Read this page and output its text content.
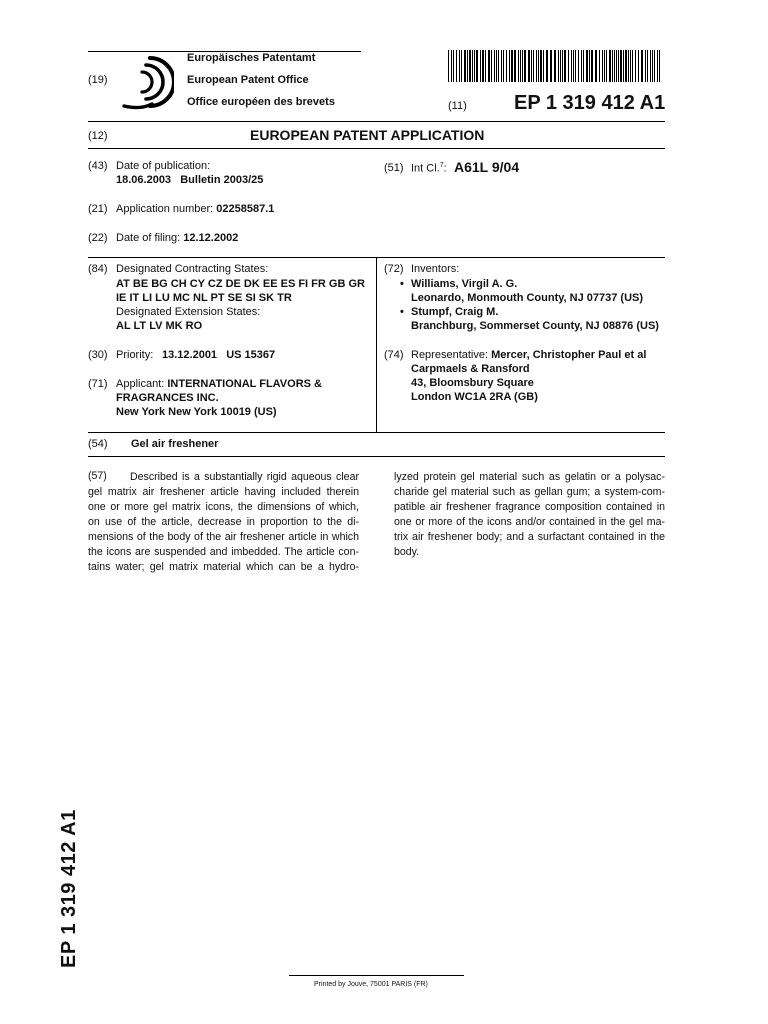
(19)
Europäisches Patentamt
European Patent Office
Office européen des brevets	(11) EP 1 319 412 A1
(12)	EUROPEAN PATENT APPLICATION
(43) Date of publication:
18.06.2003   Bulletin 2003/25
(51) Int Cl.$^7$: A61L 9/04
(21) Application number: 02258587.1
(22) Date of filing: 12.12.2002
(84) Designated Contracting States:
AT BE BG CH CY CZ DE DK EE ES FI FR GB GR
IE IT LI LU MC NL PT SE SI SK TR
Designated Extension States:
AL LT LV MK RO
(72) Inventors:
• Williams, Virgil A. G.
Leonardo, Monmouth County, NJ 07737 (US)
• Stumpf, Craig M.
Branchburg, Sommerset County, NJ 08876 (US)
(30) Priority: 13.12.2001   US 15367	(74) Representative: Mercer, Christopher Paul et al
Carpmaels & Ransford
43, Bloomsbury Square
London WC1A 2RA (GB)
(71) Applicant: INTERNATIONAL FLAVORS &
FRAGRANCES INC.
New York New York 10019 (US)
(54) Gel air freshener
(57) Described is a substantially rigid aqueous clear
gel matrix air freshener article having included therein
one or more gel matrix icons, the dimensions of which,
on use of the article, decrease in proportion to the di-
mensions of the body of the air freshener article in which
the icons are suspended and imbedded. The article con-
tains water; gel matrix material which can be a hydro-
lyzed protein gel material such as gelatin or a polysac-
charide gel material such as gellan gum; a system-com-
patible air freshener fragrance composition contained in
one or more of the icons and/or contained in the gel ma-
trix air freshener body; and a surfactant contained in the
body.
EP 1 319 412 A1
Printed by Jouve, 75001 PARIS (FR)
